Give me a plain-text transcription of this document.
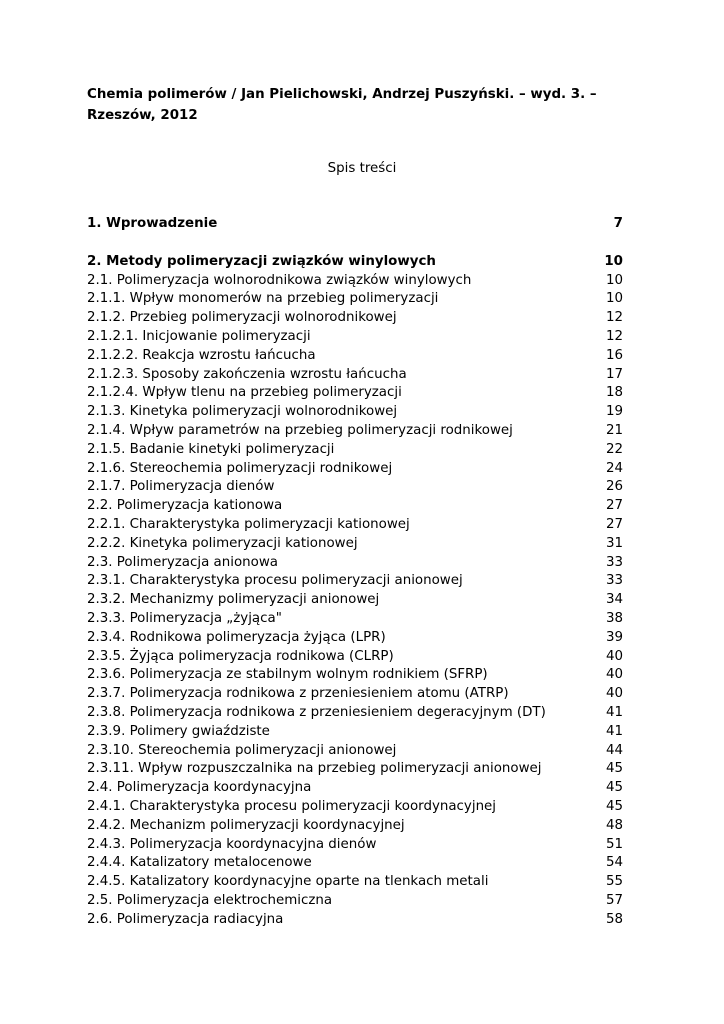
Chemia polimerów / Jan Pielichowski, Andrzej Puszyński. – wyd. 3. – Rzeszów, 2012
Spis treści
1. Wprowadzenie	7
2. Metody polimeryzacji związków winylowych	10
2.1. Polimeryzacja wolnorodnikowa związków winylowych	10
2.1.1. Wpływ monomerów na przebieg polimeryzacji	10
2.1.2. Przebieg polimeryzacji wolnorodnikowej	12
2.1.2.1. Inicjowanie polimeryzacji	12
2.1.2.2. Reakcja wzrostu łańcucha	16
2.1.2.3. Sposoby zakończenia wzrostu łańcucha	17
2.1.2.4. Wpływ tlenu na przebieg polimeryzacji	18
2.1.3. Kinetyka polimeryzacji wolnorodnikowej	19
2.1.4. Wpływ parametrów na przebieg polimeryzacji rodnikowej	21
2.1.5. Badanie kinetyki polimeryzacji	22
2.1.6. Stereochemia polimeryzacji rodnikowej	24
2.1.7. Polimeryzacja dienów	26
2.2. Polimeryzacja kationowa	27
2.2.1. Charakterystyka polimeryzacji kationowej	27
2.2.2. Kinetyka polimeryzacji kationowej	31
2.3. Polimeryzacja anionowa	33
2.3.1. Charakterystyka procesu polimeryzacji anionowej	33
2.3.2. Mechanizmy polimeryzacji anionowej	34
2.3.3. Polimeryzacja „żyjąca"	38
2.3.4. Rodnikowa polimeryzacja żyjąca (LPR)	39
2.3.5. Żyjąca polimeryzacja rodnikowa (CLRP)	40
2.3.6. Polimeryzacja ze stabilnym wolnym rodnikiem (SFRP)	40
2.3.7. Polimeryzacja rodnikowa z przeniesieniem atomu (ATRP)	40
2.3.8. Polimeryzacja rodnikowa z przeniesieniem degeracyjnym (DT)	41
2.3.9. Polimery gwiaździste	41
2.3.10. Stereochemia polimeryzacji anionowej	44
2.3.11. Wpływ rozpuszczalnika na przebieg polimeryzacji anionowej	45
2.4. Polimeryzacja koordynacyjna	45
2.4.1. Charakterystyka procesu polimeryzacji koordynacyjnej	45
2.4.2. Mechanizm polimeryzacji koordynacyjnej	48
2.4.3. Polimeryzacja koordynacyjna dienów	51
2.4.4. Katalizatory metalocenowe	54
2.4.5. Katalizatory koordynacyjne oparte na tlenkach metali	55
2.5. Polimeryzacja elektrochemiczna	57
2.6. Polimeryzacja radiacyjna	58
